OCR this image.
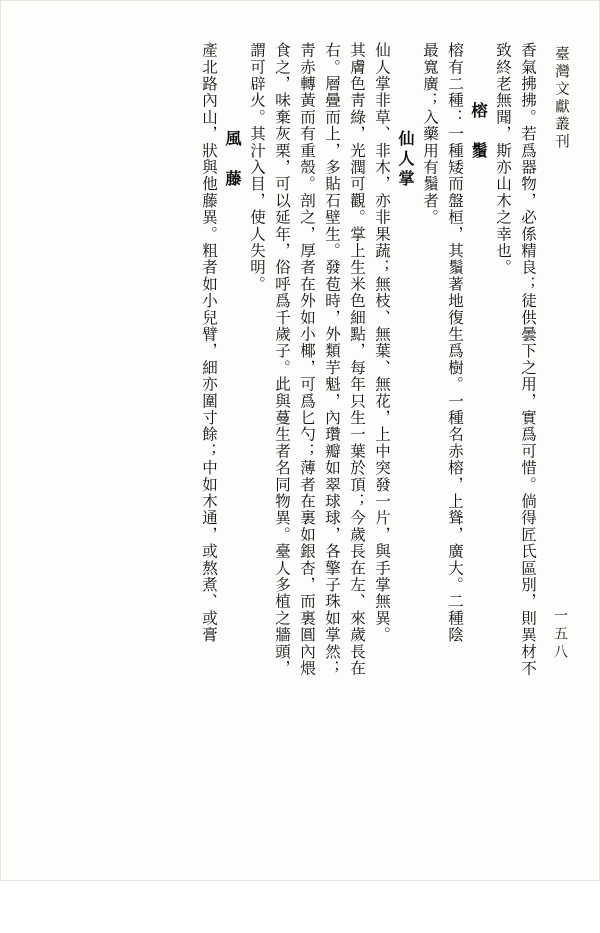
臺灣文獻叢刊
一五八
香氣拂拂。若爲器物，必係精良；徒供曇下之用，實爲可惜。倘得匠氏區別，則異材不
致終老無聞，斯亦山木之幸也。
榕　鬚
榕有二種：一種矮而盤桓，其鬚著地復生爲樹。一種名赤榕，上聳，廣大。二種陰
最寬廣；入藥用有鬚者。
仙人掌
仙人掌非草、非木，亦非果蔬；無枝、無葉、無花，上中突發一片，與手掌無異。
其膚色靑綠，光潤可觀。掌上生米色細點，每年只生一葉於頂；今歲長在左、來歲長在
右。層曡而上，多貼石壁生。發苞時，外類芋魁，內瓚瓣如翠球球，各擎子珠如掌然；
靑赤轉黃而有重殼。剖之，厚者在外如小椰，可爲匕勺；薄者在裏如銀杏，而裏圓內煨
食之，味棄灰栗，可以延年，俗呼爲千歲子。此與蔓生者名同物異。臺人多植之牆頭，
謂可辟火。其汁入目，使人失明。
風　藤
產北路內山，狀與他藤異。粗者如小兒臂，細亦圍寸餘；中如木通，或熬煮、或膏
